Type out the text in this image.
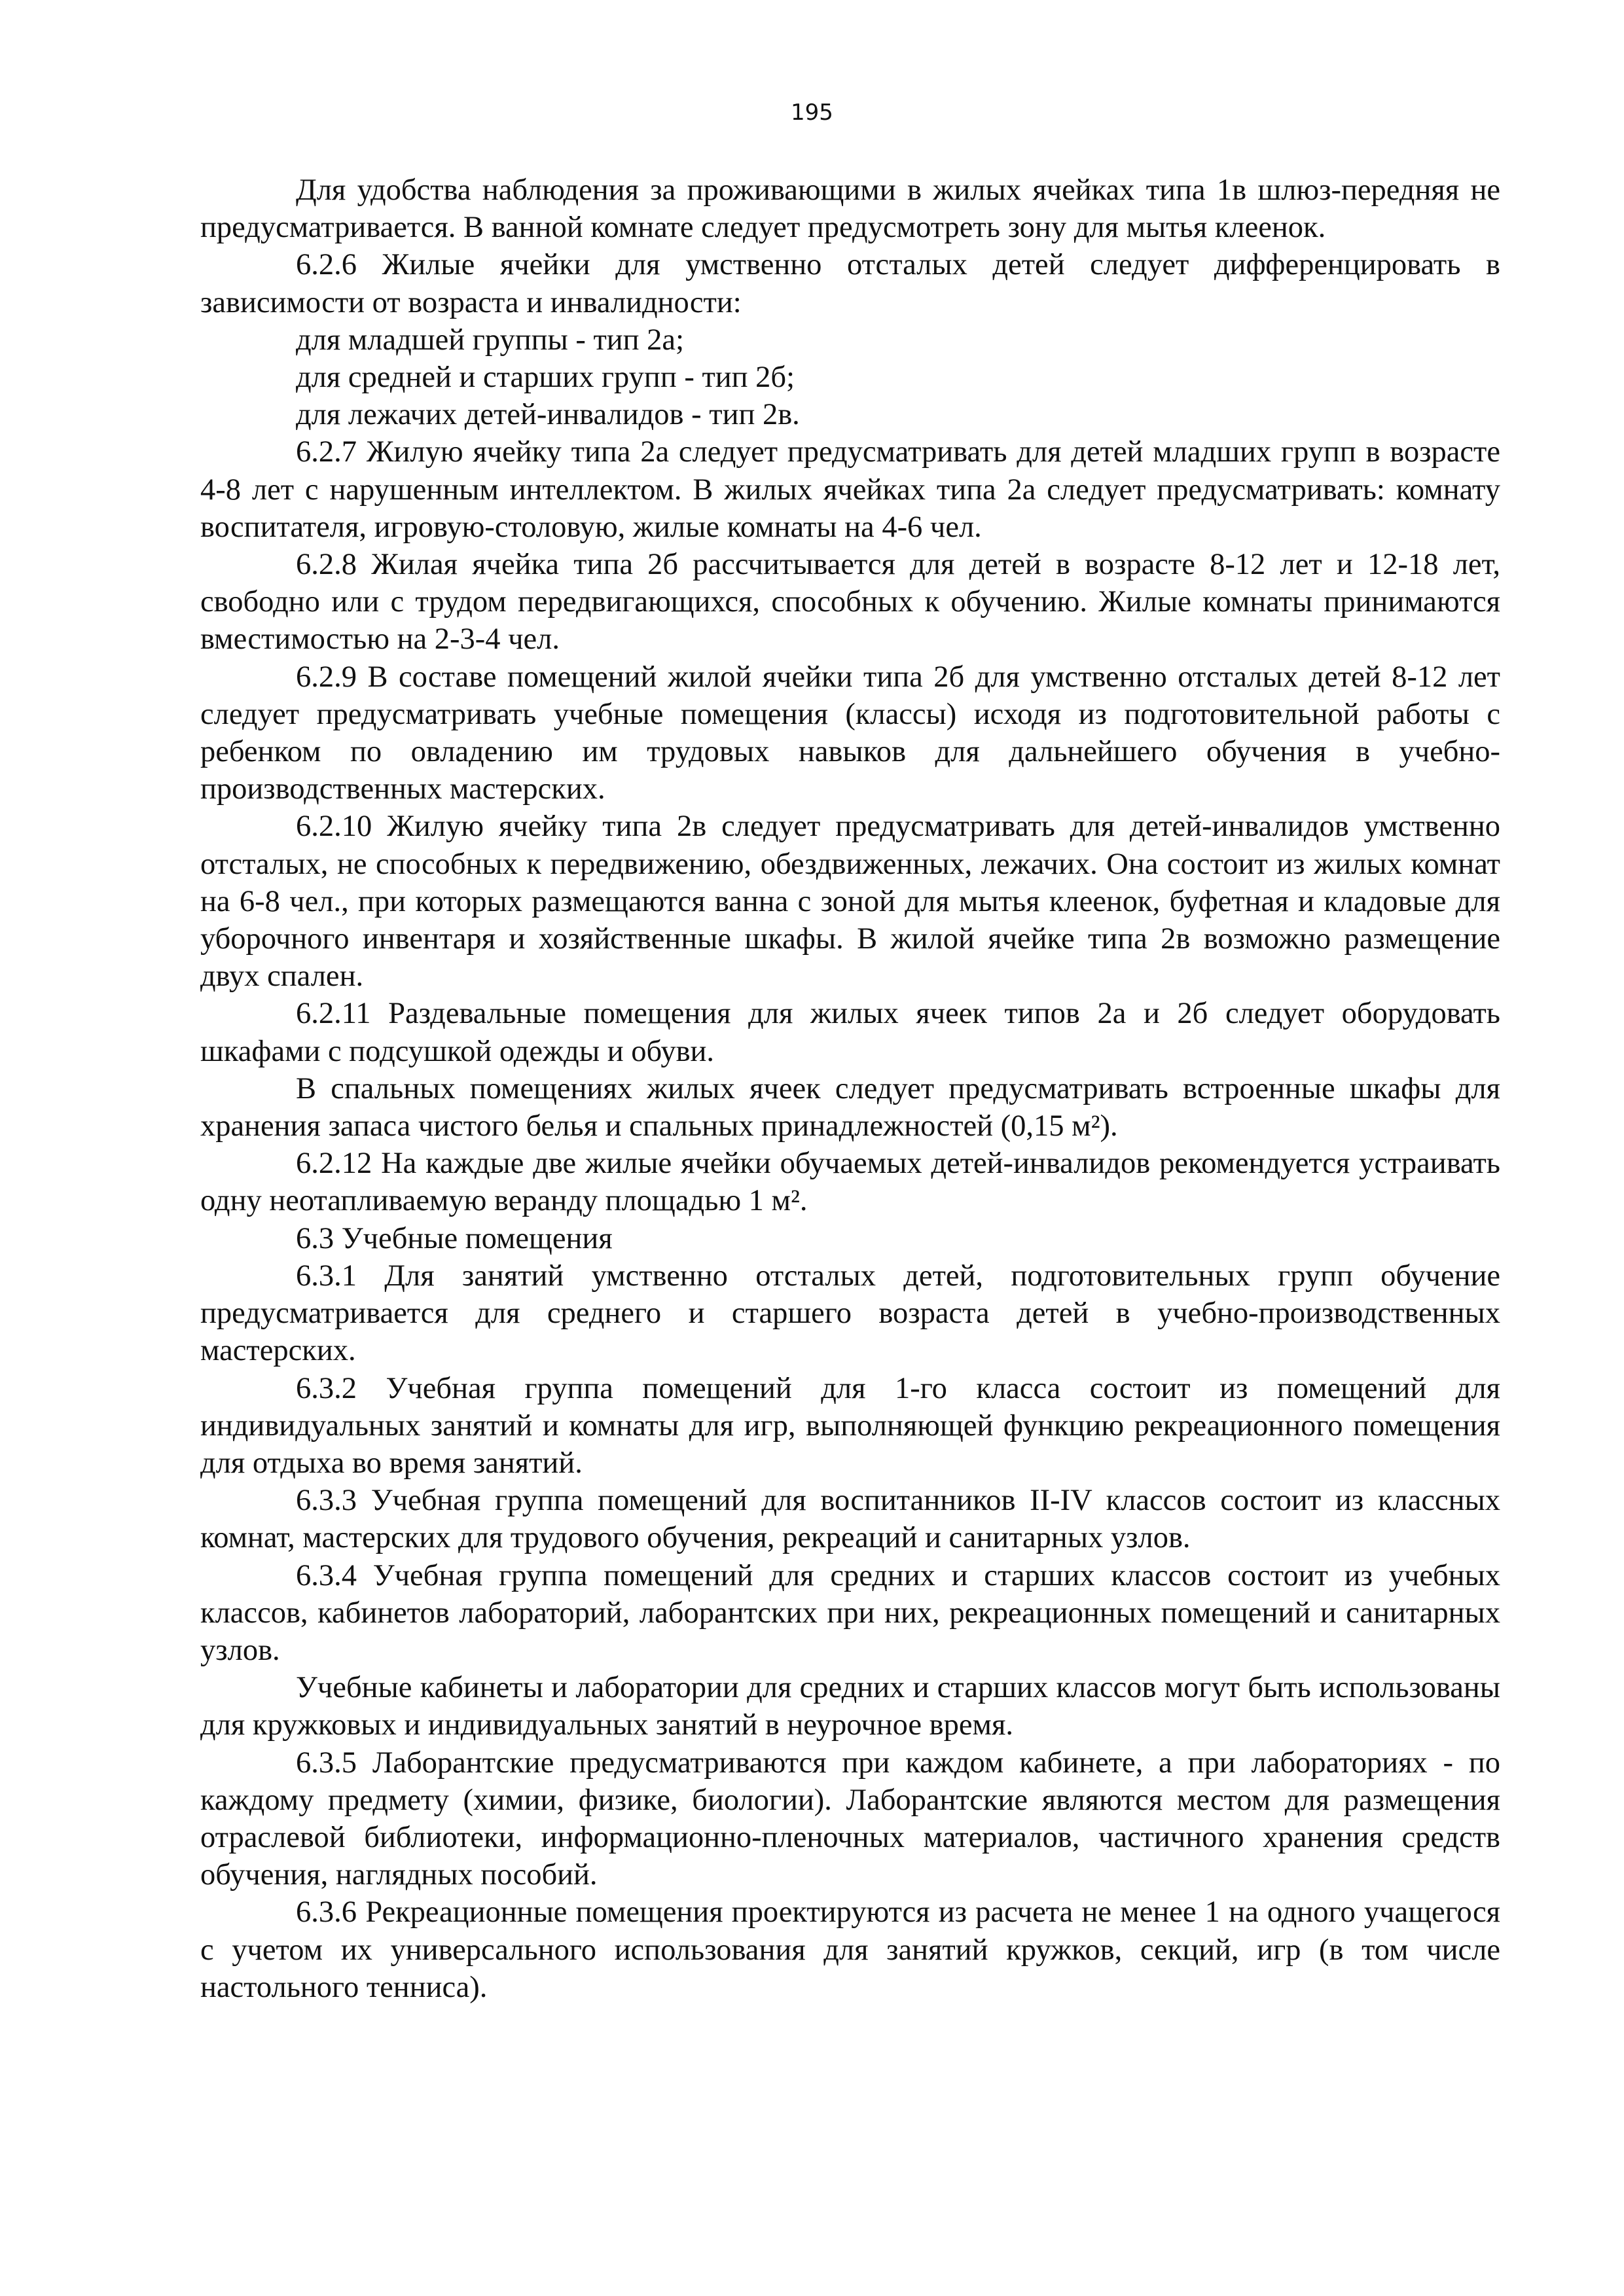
195

Для удобства наблюдения за проживающими в жилых ячейках типа 1в шлюз-передняя не предусматривается. В ванной комнате следует предусмотреть зону для мытья клеенок.

6.2.6 Жилые ячейки для умственно отсталых детей следует дифференцировать в зависимости от возраста и инвалидности:

для младшей группы - тип 2а;

для средней и старших групп - тип 2б;

для лежачих детей-инвалидов - тип 2в.

6.2.7 Жилую ячейку типа 2а следует предусматривать для детей младших групп в возрасте 4-8 лет с нарушенным интеллектом. В жилых ячейках типа 2а следует предусматривать: комнату воспитателя, игровую-столовую, жилые комнаты на 4-6 чел.

6.2.8 Жилая ячейка типа 2б рассчитывается для детей в возрасте 8-12 лет и 12-18 лет, свободно или с трудом передвигающихся, способных к обучению. Жилые комнаты принимаются вместимостью на 2-3-4 чел.

6.2.9 В составе помещений жилой ячейки типа 2б для умственно отсталых детей 8-12 лет следует предусматривать учебные помещения (классы) исходя из подготовительной работы с ребенком по овладению им трудовых навыков для дальнейшего обучения в учебно-производственных мастерских.

6.2.10 Жилую ячейку типа 2в следует предусматривать для детей-инвалидов умственно отсталых, не способных к передвижению, обездвиженных, лежачих. Она состоит из жилых комнат на 6-8 чел., при которых размещаются ванна с зоной для мытья клеенок, буфетная и кладовые для уборочного инвентаря и хозяйственные шкафы. В жилой ячейке типа 2в возможно размещение двух спален.

6.2.11 Раздевальные помещения для жилых ячеек типов 2а и 2б следует оборудовать шкафами с подсушкой одежды и обуви.

В спальных помещениях жилых ячеек следует предусматривать встроенные шкафы для хранения запаса чистого белья и спальных принадлежностей (0,15 м²).

6.2.12 На каждые две жилые ячейки обучаемых детей-инвалидов рекомендуется устраивать одну неотапливаемую веранду площадью 1 м².

6.3 Учебные помещения

6.3.1 Для занятий умственно отсталых детей, подготовительных групп обучение предусматривается для среднего и старшего возраста детей в учебно-производственных мастерских.

6.3.2 Учебная группа помещений для 1-го класса состоит из помещений для индивидуальных занятий и комнаты для игр, выполняющей функцию рекреационного помещения для отдыха во время занятий.

6.3.3 Учебная группа помещений для воспитанников II-IV классов состоит из классных комнат, мастерских для трудового обучения, рекреаций и санитарных узлов.

6.3.4 Учебная группа помещений для средних и старших классов состоит из учебных классов, кабинетов лабораторий, лаборантских при них, рекреационных помещений и санитарных узлов.

Учебные кабинеты и лаборатории для средних и старших классов могут быть использованы для кружковых и индивидуальных занятий в неурочное время.

6.3.5 Лаборантские предусматриваются при каждом кабинете, а при лабораториях - по каждому предмету (химии, физике, биологии). Лаборантские являются местом для размещения отраслевой библиотеки, информационно-пленочных материалов, частичного хранения средств обучения, наглядных пособий.

6.3.6 Рекреационные помещения проектируются из расчета не менее 1 на одного учащегося с учетом их универсального использования для занятий кружков, секций, игр (в том числе настольного тенниса).
